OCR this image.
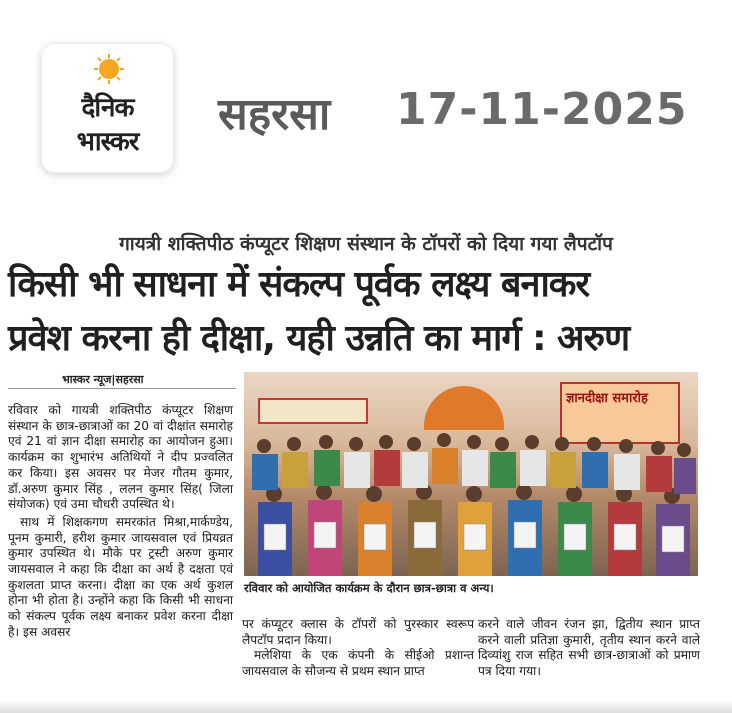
दैनिक
भास्कर
सहरसा 17-11-2025
गायत्री शक्तिपीठ कंप्यूटर शिक्षण संस्थान के टॉपरों को दिया गया लैपटॉप
किसी भी साधना में संकल्प पूर्वक लक्ष्य बनाकर
प्रवेश करना ही दीक्षा, यही उन्नति का मार्ग : अरुण
भास्कर न्यूज|सहरसा

रविवार को गायत्री शक्तिपीठ कंप्यूटर शिक्षण संस्थान के छात्र-छात्राओं का 20 वां दीक्षांत समारोह एवं 21 वां ज्ञान दीक्षा समारोह का आयोजन हुआ। कार्यक्रम का शुभारंभ अतिथियों ने दीप प्रज्वलित कर किया। इस अवसर पर मेजर गौतम कुमार, डॉ.अरुण कुमार सिंह , ललन कुमार सिंह( जिला संयोजक) एवं उमा चौधरी उपस्थित थे।

साथ में शिक्षकगण समरकांत मिश्रा,मार्कण्डेय, पूनम कुमारी, हरीश कुमार जायसवाल एवं प्रियव्रत कुमार उपस्थित थे। मौके पर ट्रस्टी अरुण कुमार जायसवाल ने कहा कि दीक्षा का अर्थ है दक्षता एवं कुशलता प्राप्त करना। दीक्षा का एक अर्थ कुशल होना भी होता है। उन्होंने कहा कि किसी भी साधना को संकल्प पूर्वक लक्ष्य बनाकर प्रवेश करना दीक्षा है। इस अवसर

ज्ञानदीक्षा समारोह
रविवार को आयोजित कार्यक्रम के दौरान छात्र-छात्रा व अन्य।

पर कंप्यूटर क्लास के टॉपरों को पुरस्कार स्वरूप लैपटॉप प्रदान किया।

मलेशिया के एक कंपनी के सीईओ प्रशान्त जायसवाल के सौजन्य से प्रथम स्थान प्राप्त

करने वाले जीवन रंजन झा, द्वितीय स्थान प्राप्त करने वाली प्रतिज्ञा कुमारी, तृतीय स्थान करने वाले दिव्यांशु राज सहित सभी छात्र-छात्राओं को प्रमाण पत्र दिया गया।
